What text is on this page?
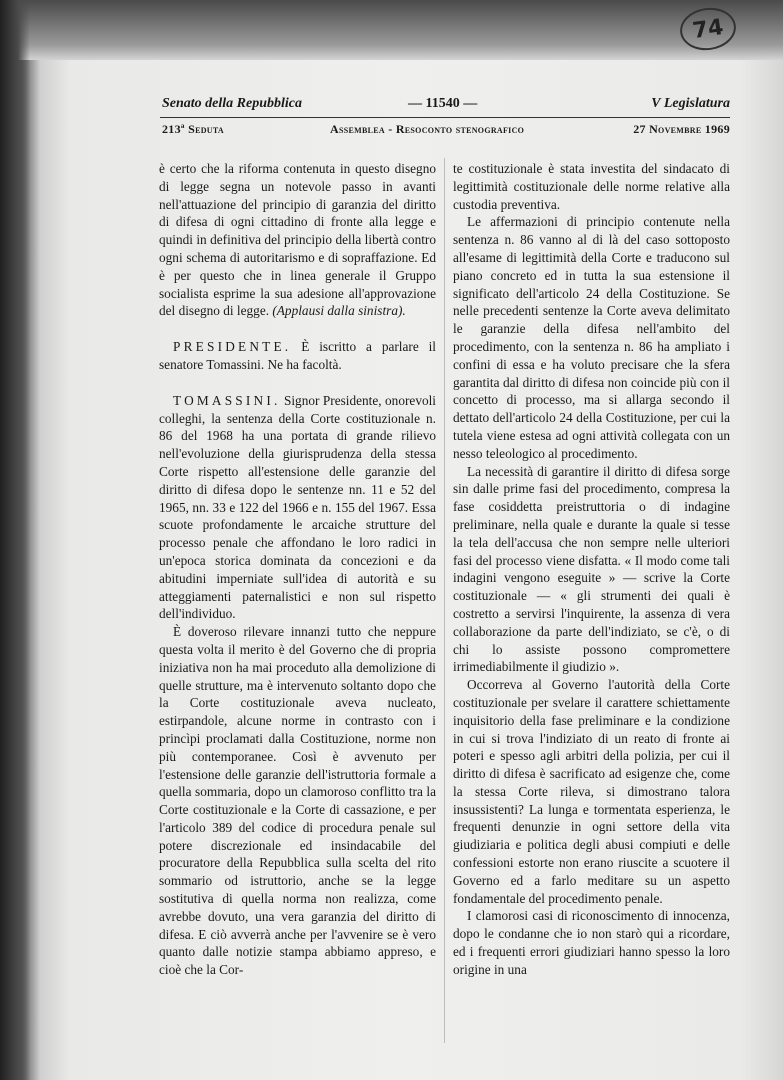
74
Senato della Repubblica	— 11540 —	V Legislatura
213ª Seduta	Assemblea - Resoconto stenografico	27 Novembre 1969

è certo che la riforma contenuta in questo disegno di legge segna un notevole passo in avanti nell'attuazione del principio di garanzia del diritto di difesa di ogni cittadino di fronte alla legge e quindi in definitiva del principio della libertà contro ogni schema di autoritarismo e di sopraffazione. Ed è per questo che in linea generale il Gruppo socialista esprime la sua adesione all'approvazione del disegno di legge. (Applausi dalla sinistra).

PRESIDENTE. È iscritto a parlare il senatore Tomassini. Ne ha facoltà.

TOMASSINI. Signor Presidente, onorevoli colleghi, la sentenza della Corte costituzionale n. 86 del 1968 ha una portata di grande rilievo nell'evoluzione della giurisprudenza della stessa Corte rispetto all'estensione delle garanzie del diritto di difesa dopo le sentenze nn. 11 e 52 del 1965, nn. 33 e 122 del 1966 e n. 155 del 1967. Essa scuote profondamente le arcaiche strutture del processo penale che affondano le loro radici in un'epoca storica dominata da concezioni e da abitudini imperniate sull'idea di autorità e su atteggiamenti paternalistici e non sul rispetto dell'individuo.

È doveroso rilevare innanzi tutto che neppure questa volta il merito è del Governo che di propria iniziativa non ha mai proceduto alla demolizione di quelle strutture, ma è intervenuto soltanto dopo che la Corte costituzionale aveva nucleato, estirpandole, alcune norme in contrasto con i princìpi proclamati dalla Costituzione, norme non più contemporanee. Così è avvenuto per l'estensione delle garanzie dell'istruttoria formale a quella sommaria, dopo un clamoroso conflitto tra la Corte costituzionale e la Corte di cassazione, e per l'articolo 389 del codice di procedura penale sul potere discrezionale ed insindacabile del procuratore della Repubblica sulla scelta del rito sommario od istruttorio, anche se la legge sostitutiva di quella norma non realizza, come avrebbe dovuto, una vera garanzia del diritto di difesa. E ciò avverrà anche per l'avvenire se è vero quanto dalle notizie stampa abbiamo appreso, e cioè che la Cor-

te costituzionale è stata investita del sindacato di legittimità costituzionale delle norme relative alla custodia preventiva.

Le affermazioni di principio contenute nella sentenza n. 86 vanno al di là del caso sottoposto all'esame di legittimità della Corte e traducono sul piano concreto ed in tutta la sua estensione il significato dell'articolo 24 della Costituzione. Se nelle precedenti sentenze la Corte aveva delimitato le garanzie della difesa nell'ambito del procedimento, con la sentenza n. 86 ha ampliato i confini di essa e ha voluto precisare che la sfera garantita dal diritto di difesa non coincide più con il concetto di processo, ma si allarga secondo il dettato dell'articolo 24 della Costituzione, per cui la tutela viene estesa ad ogni attività collegata con un nesso teleologico al procedimento.

La necessità di garantire il diritto di difesa sorge sin dalle prime fasi del procedimento, compresa la fase cosiddetta preistruttoria o di indagine preliminare, nella quale e durante la quale si tesse la tela dell'accusa che non sempre nelle ulteriori fasi del processo viene disfatta. « Il modo come tali indagini vengono eseguite » — scrive la Corte costituzionale — « gli strumenti dei quali è costretto a servirsi l'inquirente, la assenza di vera collaborazione da parte dell'indiziato, se c'è, o di chi lo assiste possono compromettere irrimediabilmente il giudizio ».

Occorreva al Governo l'autorità della Corte costituzionale per svelare il carattere schiettamente inquisitorio della fase preliminare e la condizione in cui si trova l'indiziato di un reato di fronte ai poteri e spesso agli arbitri della polizia, per cui il diritto di difesa è sacrificato ad esigenze che, come la stessa Corte rileva, si dimostrano talora insussistenti? La lunga e tormentata esperienza, le frequenti denunzie in ogni settore della vita giudiziaria e politica degli abusi compiuti e delle confessioni estorte non erano riuscite a scuotere il Governo ed a farlo meditare su un aspetto fondamentale del procedimento penale.

I clamorosi casi di riconoscimento di innocenza, dopo le condanne che io non starò qui a ricordare, ed i frequenti errori giudiziari hanno spesso la loro origine in una
